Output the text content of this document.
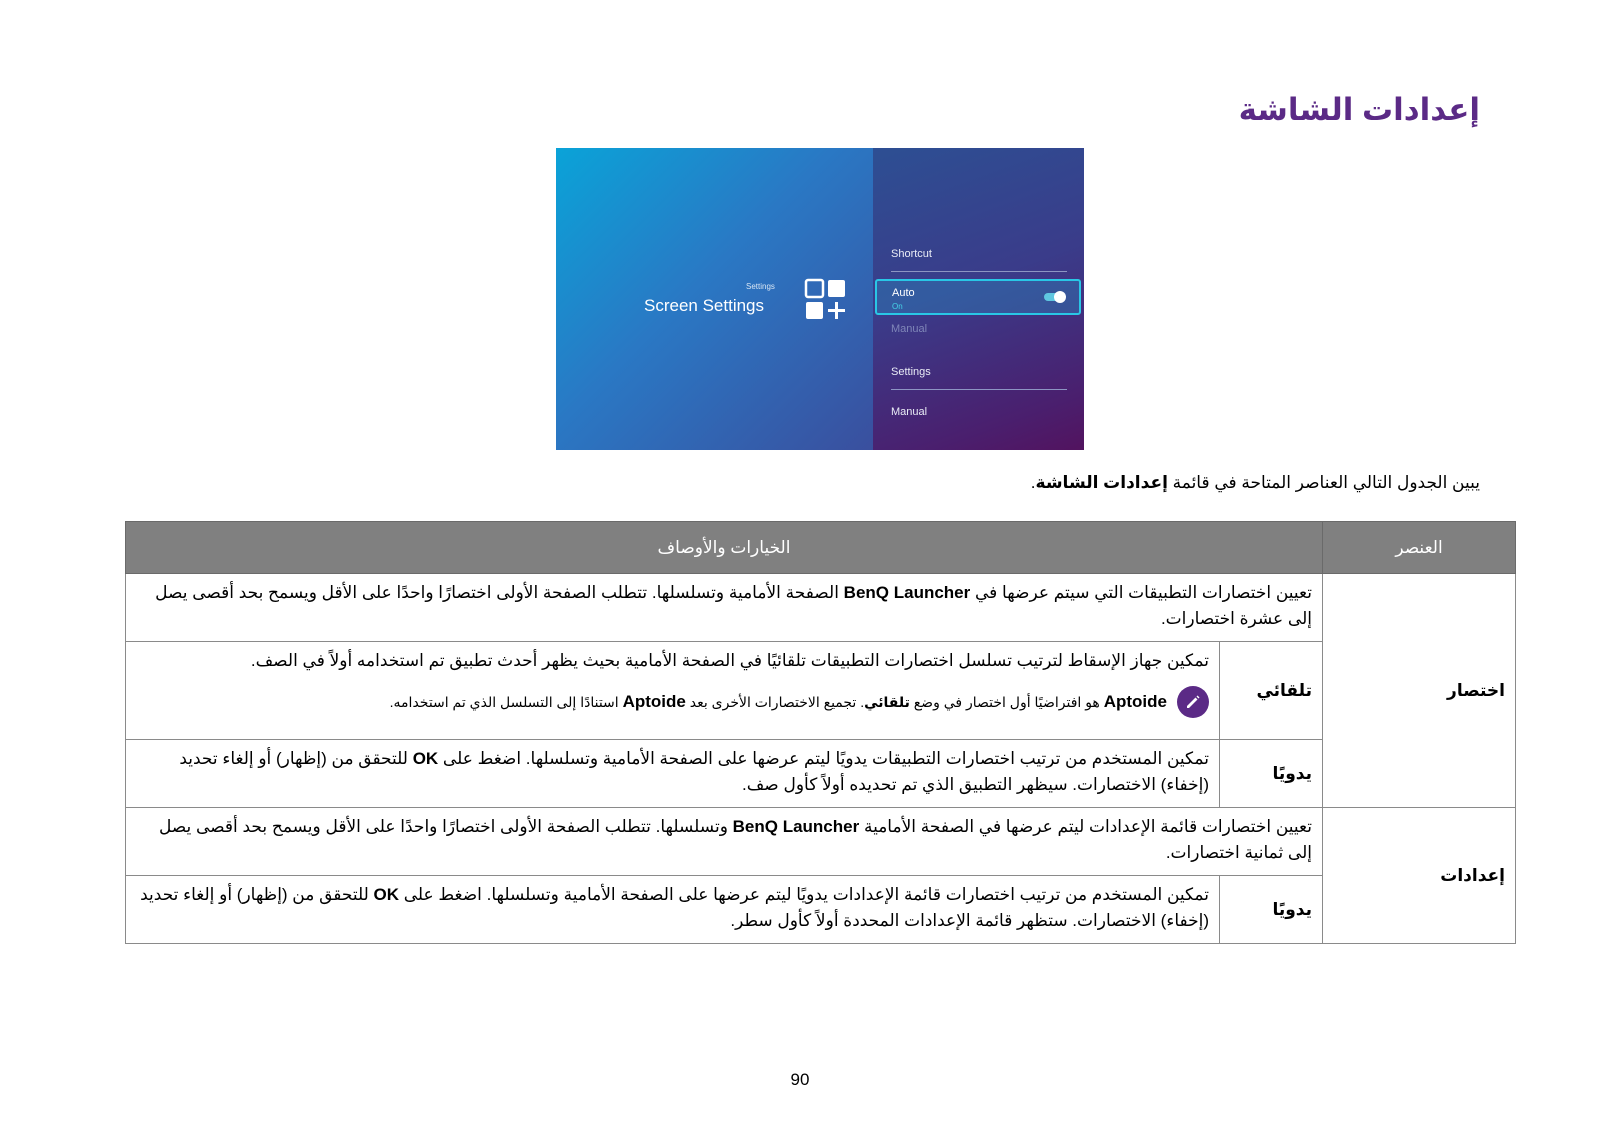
إعدادات الشاشة
Settings
Screen Settings
Shortcut
Auto
On
Manual
Settings
Manual

يبين الجدول التالي العناصر المتاحة في قائمة إعدادات الشاشة.

العنصر	الخيارات والأوصاف	
اختصار	تعيين اختصارات التطبيقات التي سيتم عرضها في BenQ Launcher الصفحة الأمامية وتسلسلها. تتطلب الصفحة الأولى اختصارًا واحدًا على الأقل ويسمح بحد أقصى يصل إلى عشرة اختصارات.	
	تلقائي	تمكين جهاز الإسقاط لترتيب تسلسل اختصارات التطبيقات تلقائيًا في الصفحة الأمامية بحيث يظهر أحدث تطبيق تم استخدامه أولاً في الصف.
Aptoide هو افتراضيًا أول اختصار في وضع تلقائي. تجميع الاختصارات الأخرى بعد Aptoide استنادًا إلى التسلسل الذي تم استخدامه.

	يدويًا	تمكين المستخدم من ترتيب اختصارات التطبيقات يدويًا ليتم عرضها على الصفحة الأمامية وتسلسلها. اضغط على OK للتحقق من (إظهار) أو إلغاء تحديد (إخفاء) الاختصارات. سيظهر التطبيق الذي تم تحديده أولاً كأول صف.
إعدادات	تعيين اختصارات قائمة الإعدادات ليتم عرضها في الصفحة الأمامية BenQ Launcher وتسلسلها. تتطلب الصفحة الأولى اختصارًا واحدًا على الأقل ويسمح بحد أقصى يصل إلى ثمانية اختصارات.	
	يدويًا	تمكين المستخدم من ترتيب اختصارات قائمة الإعدادات يدويًا ليتم عرضها على الصفحة الأمامية وتسلسلها. اضغط على OK للتحقق من (إظهار) أو إلغاء تحديد (إخفاء) الاختصارات. ستظهر قائمة الإعدادات المحددة أولاً كأول سطر.
90
